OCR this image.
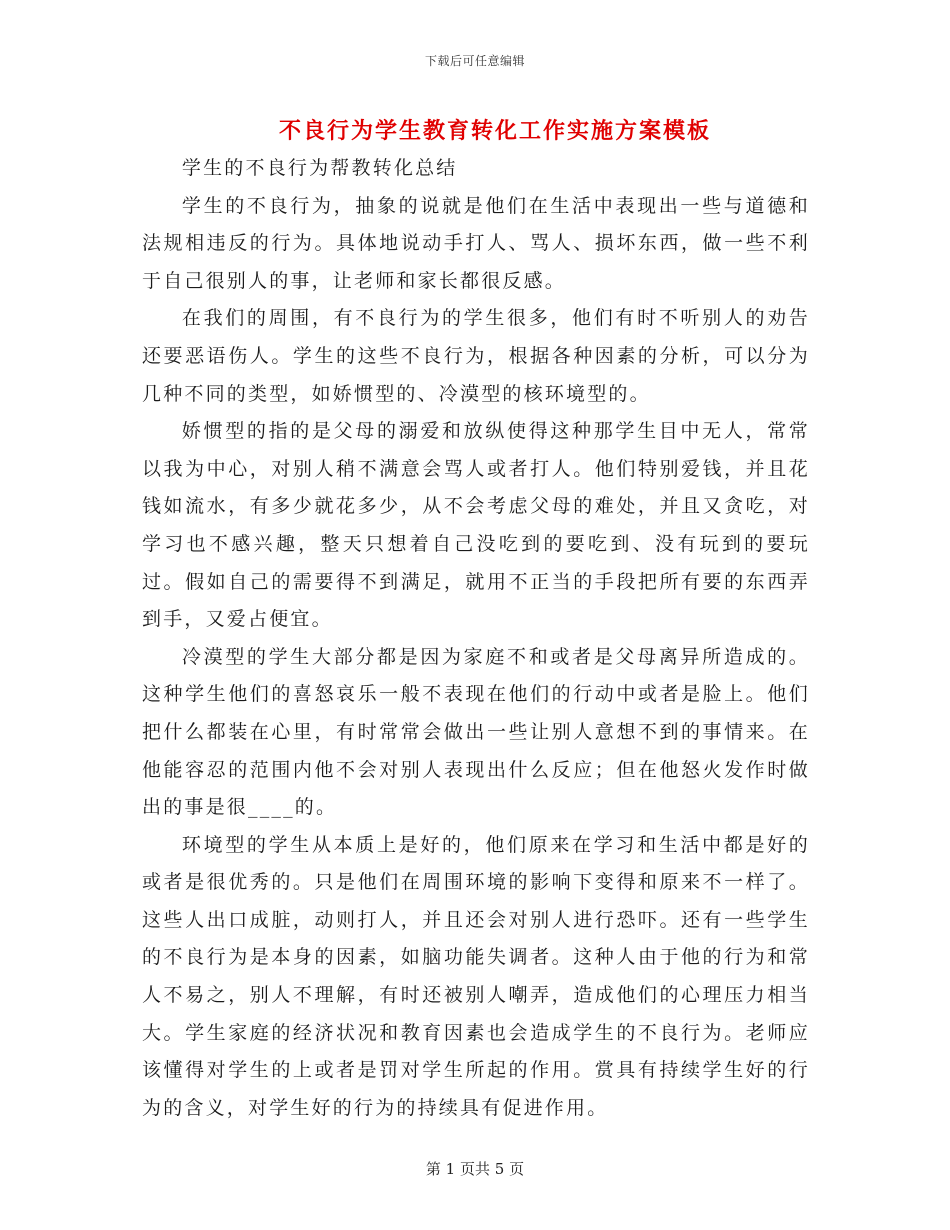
下载后可任意编辑
不良行为学生教育转化工作实施方案模板

学生的不良行为帮教转化总结

学生的不良行为，抽象的说就是他们在生活中表现出一些与道德和法规相违反的行为。具体地说动手打人、骂人、损坏东西，做一些不利于自己很别人的事，让老师和家长都很反感。

在我们的周围，有不良行为的学生很多，他们有时不听别人的劝告还要恶语伤人。学生的这些不良行为，根据各种因素的分析，可以分为几种不同的类型，如娇惯型的、冷漠型的核环境型的。

娇惯型的指的是父母的溺爱和放纵使得这种那学生目中无人，常常以我为中心，对别人稍不满意会骂人或者打人。他们特别爱钱，并且花钱如流水，有多少就花多少，从不会考虑父母的难处，并且又贪吃，对学习也不感兴趣，整天只想着自己没吃到的要吃到、没有玩到的要玩过。假如自己的需要得不到满足，就用不正当的手段把所有要的东西弄到手，又爱占便宜。

冷漠型的学生大部分都是因为家庭不和或者是父母离异所造成的。这种学生他们的喜怒哀乐一般不表现在他们的行动中或者是脸上。他们把什么都装在心里，有时常常会做出一些让别人意想不到的事情来。在他能容忍的范围内他不会对别人表现出什么反应；但在他怒火发作时做出的事是很____的。

环境型的学生从本质上是好的，他们原来在学习和生活中都是好的或者是很优秀的。只是他们在周围环境的影响下变得和原来不一样了。这些人出口成脏，动则打人，并且还会对别人进行恐吓。还有一些学生的不良行为是本身的因素，如脑功能失调者。这种人由于他的行为和常人不易之，别人不理解，有时还被别人嘲弄，造成他们的心理压力相当大。学生家庭的经济状况和教育因素也会造成学生的不良行为。老师应该懂得对学生的上或者是罚对学生所起的作用。赏具有持续学生好的行为的含义，对学生好的行为的持续具有促进作用。

第 1 页共 5 页
